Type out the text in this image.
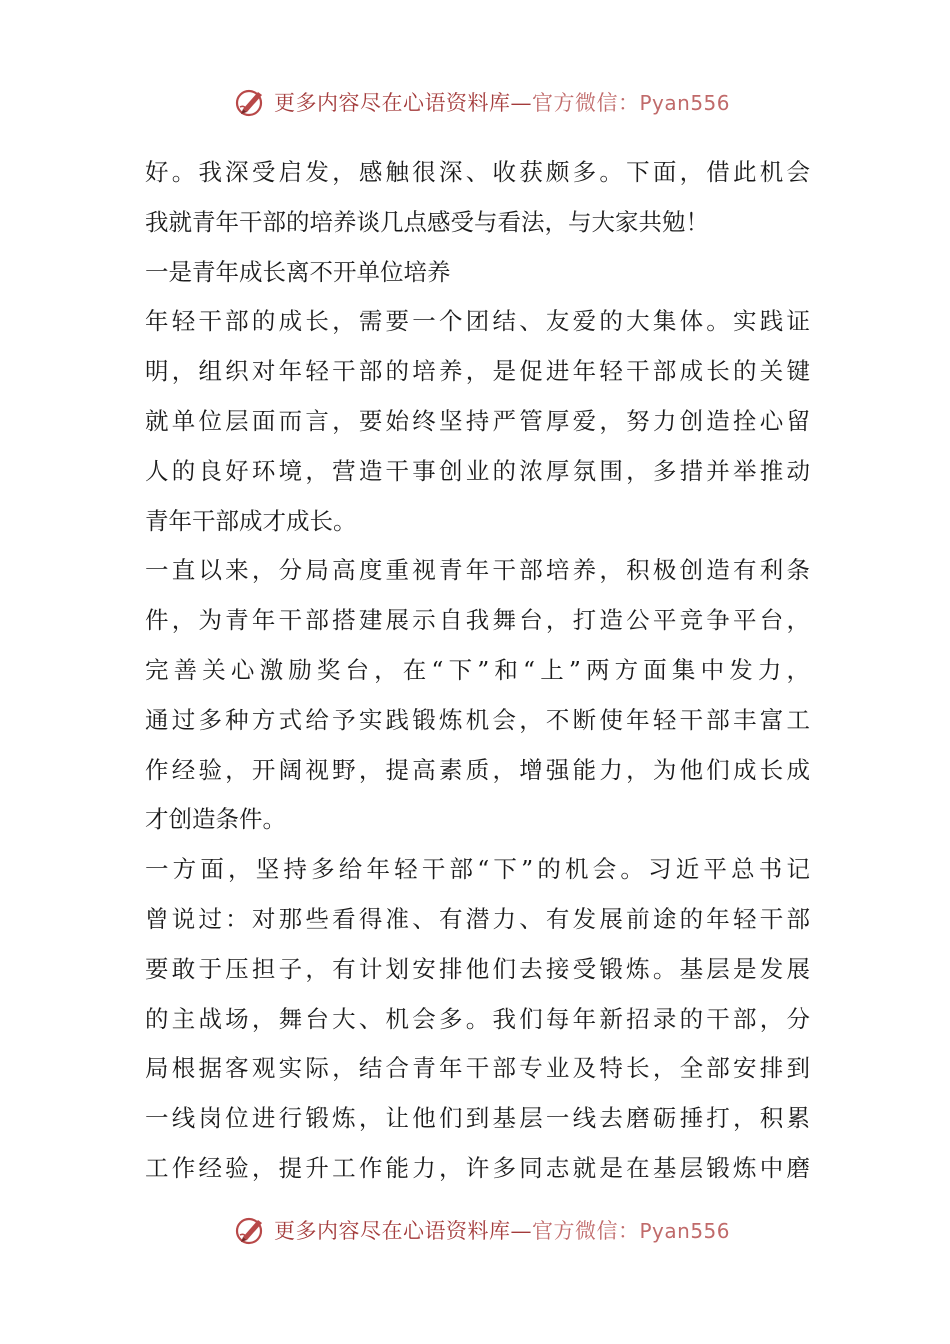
更多内容尽在心语资料库—官方微信：Pyan556
好。我深受启发，感触很深、收获颇多。下面，借此机会
我就青年干部的培养谈几点感受与看法，与大家共勉！
一是青年成长离不开单位培养
年轻干部的成长，需要一个团结、友爱的大集体。实践证
明，组织对年轻干部的培养，是促进年轻干部成长的关键
就单位层面而言，要始终坚持严管厚爱，努力创造拴心留
人的良好环境，营造干事创业的浓厚氛围，多措并举推动
青年干部成才成长。
一直以来，分局高度重视青年干部培养，积极创造有利条
件，为青年干部搭建展示自我舞台，打造公平竞争平台，
完善关心激励奖台，在“下”和“上”两方面集中发力，
通过多种方式给予实践锻炼机会，不断使年轻干部丰富工
作经验，开阔视野，提高素质，增强能力，为他们成长成
才创造条件。
一方面，坚持多给年轻干部“下”的机会。习近平总书记
曾说过：对那些看得准、有潜力、有发展前途的年轻干部
要敢于压担子，有计划安排他们去接受锻炼。基层是发展
的主战场，舞台大、机会多。我们每年新招录的干部，分
局根据客观实际，结合青年干部专业及特长，全部安排到
一线岗位进行锻炼，让他们到基层一线去磨砺捶打，积累
工作经验，提升工作能力，许多同志就是在基层锻炼中磨
更多内容尽在心语资料库—官方微信：Pyan556
